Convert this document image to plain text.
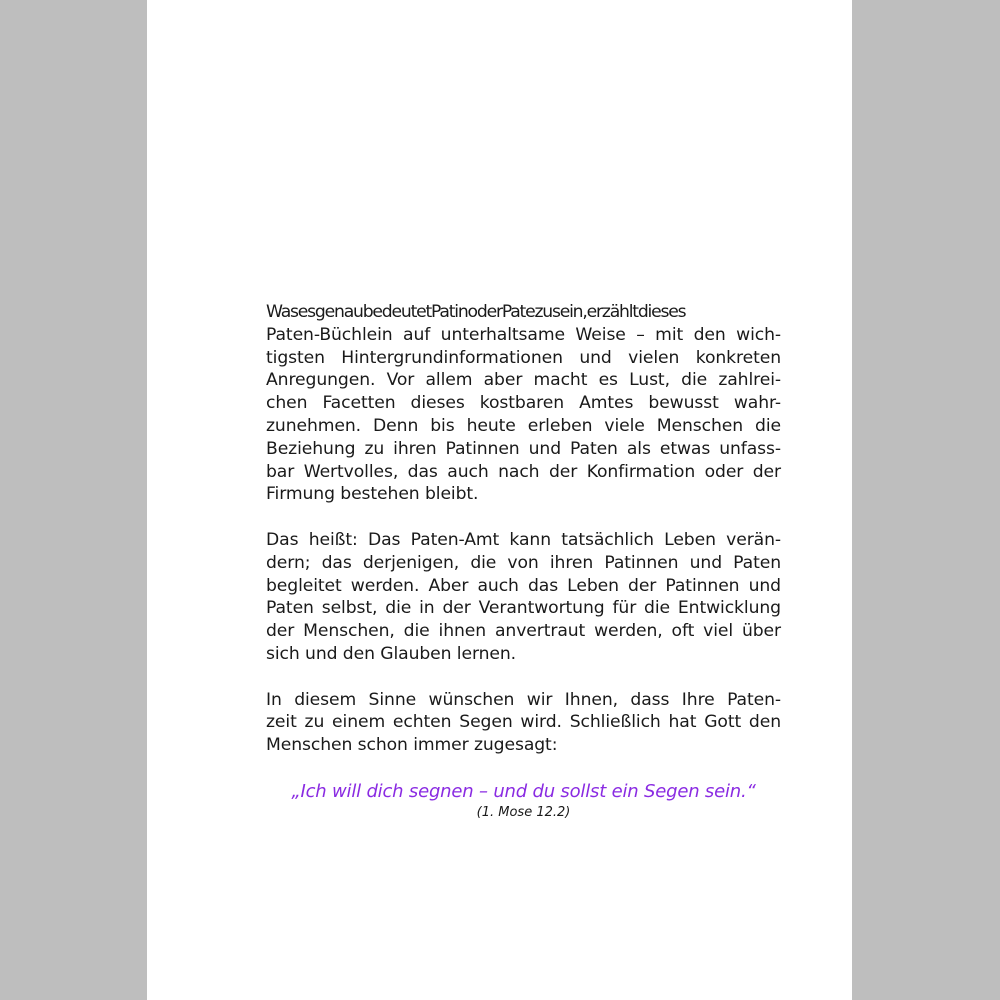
WasesgenaubedeutetPatinoderPatezusein,erzähltdieses
Paten-Büchlein auf unterhaltsame Weise – mit den wich-
tigsten Hintergrundinformationen und vielen konkreten
Anregungen. Vor allem aber macht es Lust, die zahlrei-
chen Facetten dieses kostbaren Amtes bewusst wahr-
zunehmen. Denn bis heute erleben viele Menschen die
Beziehung zu ihren Patinnen und Paten als etwas unfass-
bar Wertvolles, das auch nach der Konfirmation oder der
Firmung bestehen bleibt.

Das heißt: Das Paten-Amt kann tatsächlich Leben verän-
dern; das derjenigen, die von ihren Patinnen und Paten
begleitet werden. Aber auch das Leben der Patinnen und
Paten selbst, die in der Verantwortung für die Entwicklung
der Menschen, die ihnen anvertraut werden, oft viel über
sich und den Glauben lernen.

In diesem Sinne wünschen wir Ihnen, dass Ihre Paten-
zeit zu einem echten Segen wird. Schließlich hat Gott den
Menschen schon immer zugesagt:

„Ich will dich segnen – und du sollst ein Segen sein.“
(1. Mose 12.2)
